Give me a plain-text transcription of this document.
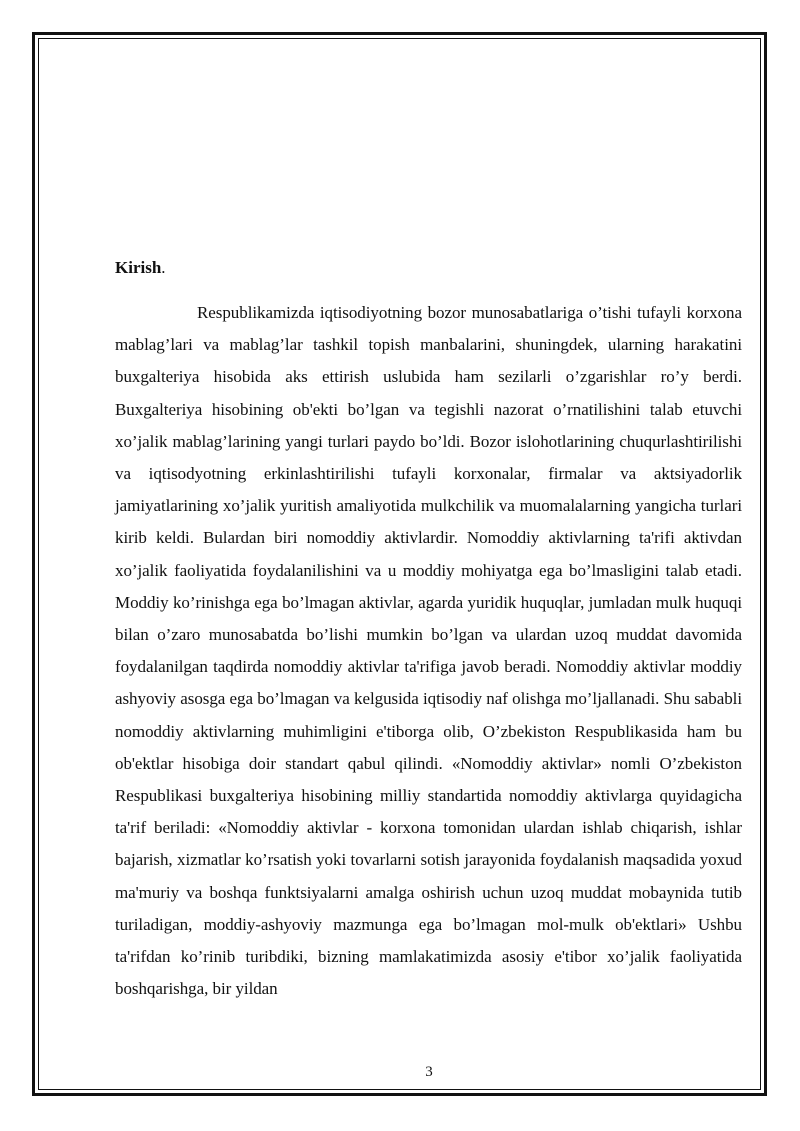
Kirish.

Respublikamizda iqtisodiyotning bozor munosabatlariga o’tishi tufayli korxona mablag’lari va mablag’lar tashkil topish manbalarini, shuningdek, ularning harakatini buxgalteriya hisobida aks ettirish uslubida ham sezilarli o’zgarishlar ro’y berdi. Buxgalteriya hisobining ob'ekti bo’lgan va tegishli nazorat o’rnatilishini talab etuvchi xo’jalik mablag’larining yangi turlari paydo bo’ldi. Bozor islohotlarining chuqurlashtirilishi va iqtisodyotning erkinlashtirilishi tufayli korxonalar, firmalar va aktsiyadorlik jamiyatlarining xo’jalik yuritish amaliyotida mulkchilik va muomalalarning yangicha turlari kirib keldi. Bulardan biri nomoddiy aktivlardir. Nomoddiy aktivlarning ta'rifi aktivdan xo’jalik faoliyatida foydalanilishini va u moddiy mohiyatga ega bo’lmasligini talab etadi. Moddiy ko’rinishga ega bo’lmagan aktivlar, agarda yuridik huquqlar, jumladan mulk huquqi bilan o’zaro munosabatda bo’lishi mumkin bo’lgan va ulardan uzoq muddat davomida foydalanilgan taqdirda nomoddiy aktivlar ta'rifiga javob beradi. Nomoddiy aktivlar moddiy ashyoviy asosga ega bo’lmagan va kelgusida iqtisodiy naf olishga mo’ljallanadi. Shu sababli nomoddiy aktivlarning muhimligini e'tiborga olib, O’zbekiston Respublikasida ham bu ob'ektlar hisobiga doir standart qabul qilindi. «Nomoddiy aktivlar» nomli O’zbekiston Respublikasi buxgalteriya hisobining milliy standartida nomoddiy aktivlarga quyidagicha ta'rif beriladi: «Nomoddiy aktivlar - korxona tomonidan ulardan ishlab chiqarish, ishlar bajarish, xizmatlar ko’rsatish yoki tovarlarni sotish jarayonida foydalanish maqsadida yoxud ma'muriy va boshqa funktsiyalarni amalga oshirish uchun uzoq muddat mobaynida tutib turiladigan, moddiy-ashyoviy mazmunga ega bo’lmagan mol-mulk ob'ektlari» Ushbu ta'rifdan ko’rinib turibdiki, bizning mamlakatimizda asosiy e'tibor xo’jalik faoliyatida boshqarishga, bir yildan

3
